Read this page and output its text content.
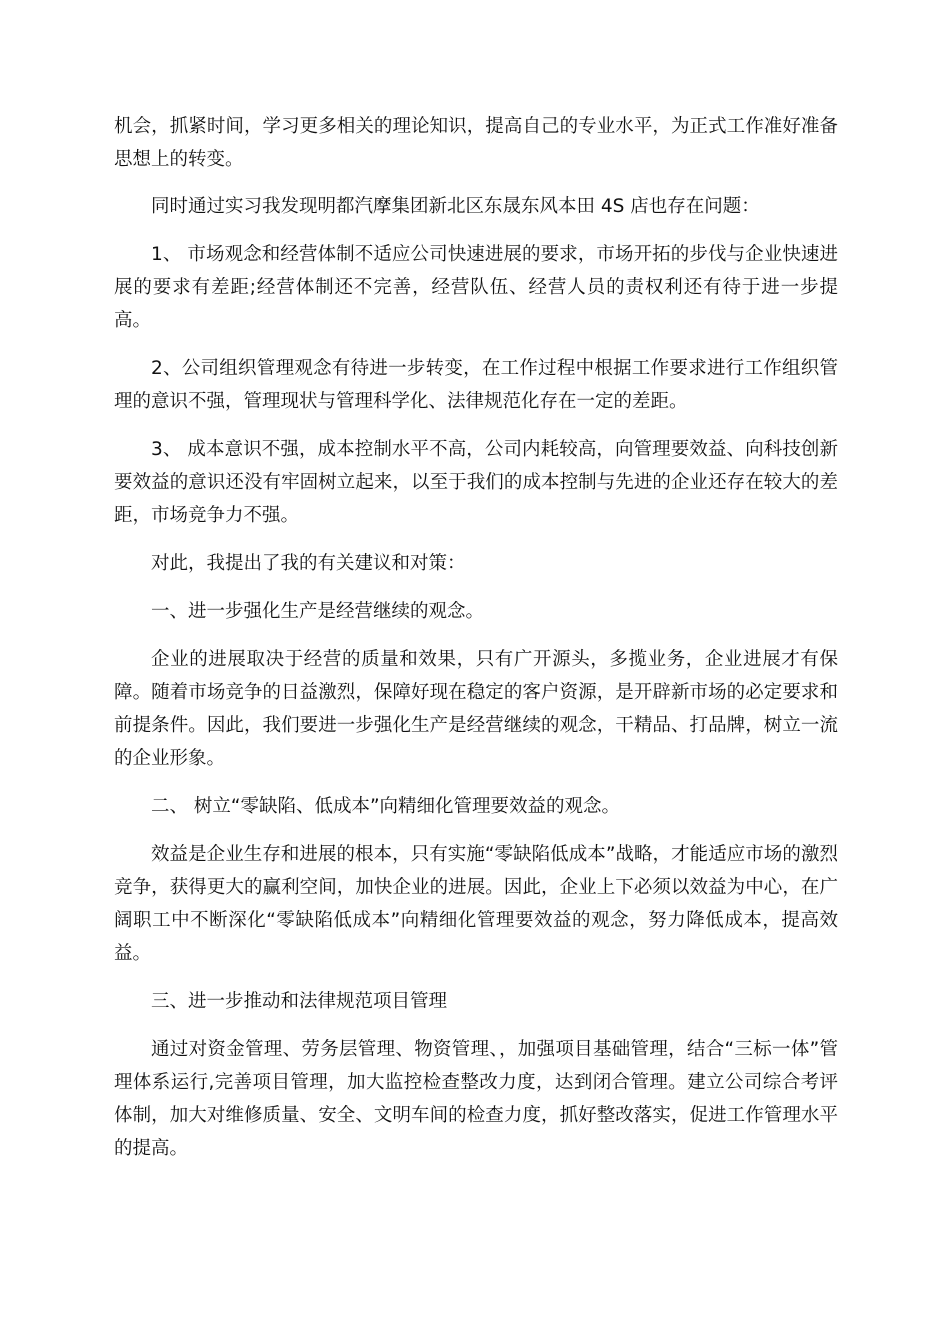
机会，抓紧时间，学习更多相关的理论知识，提高自己的专业水平，为正式工作准好准备思想上的转变。

同时通过实习我发现明都汽摩集团新北区东晟东风本田 4S 店也存在问题：

1、 市场观念和经营体制不适应公司快速进展的要求，市场开拓的步伐与企业快速进展的要求有差距;经营体制还不完善，经营队伍、经营人员的责权利还有待于进一步提高。

2、公司组织管理观念有待进一步转变，在工作过程中根据工作要求进行工作组织管理的意识不强，管理现状与管理科学化、法律规范化存在一定的差距。

3、 成本意识不强，成本控制水平不高，公司内耗较高，向管理要效益、向科技创新要效益的意识还没有牢固树立起来，以至于我们的成本控制与先进的企业还存在较大的差距，市场竞争力不强。

对此，我提出了我的有关建议和对策：

一、进一步强化生产是经营继续的观念。

企业的进展取决于经营的质量和效果，只有广开源头，多揽业务，企业进展才有保障。随着市场竞争的日益激烈，保障好现在稳定的客户资源，是开辟新市场的必定要求和前提条件。因此，我们要进一步强化生产是经营继续的观念，干精品、打品牌，树立一流的企业形象。

二、 树立“零缺陷、低成本”向精细化管理要效益的观念。

效益是企业生存和进展的根本，只有实施“零缺陷低成本”战略，才能适应市场的激烈竞争，获得更大的赢利空间，加快企业的进展。因此，企业上下必须以效益为中心，在广阔职工中不断深化“零缺陷低成本”向精细化管理要效益的观念，努力降低成本，提高效益。

三、进一步推动和法律规范项目管理

通过对资金管理、劳务层管理、物资管理、，加强项目基础管理，结合“三标一体”管理体系运行,完善项目管理，加大监控检查整改力度，达到闭合管理。建立公司综合考评体制，加大对维修质量、安全、文明车间的检查力度，抓好整改落实，促进工作管理水平的提高。
